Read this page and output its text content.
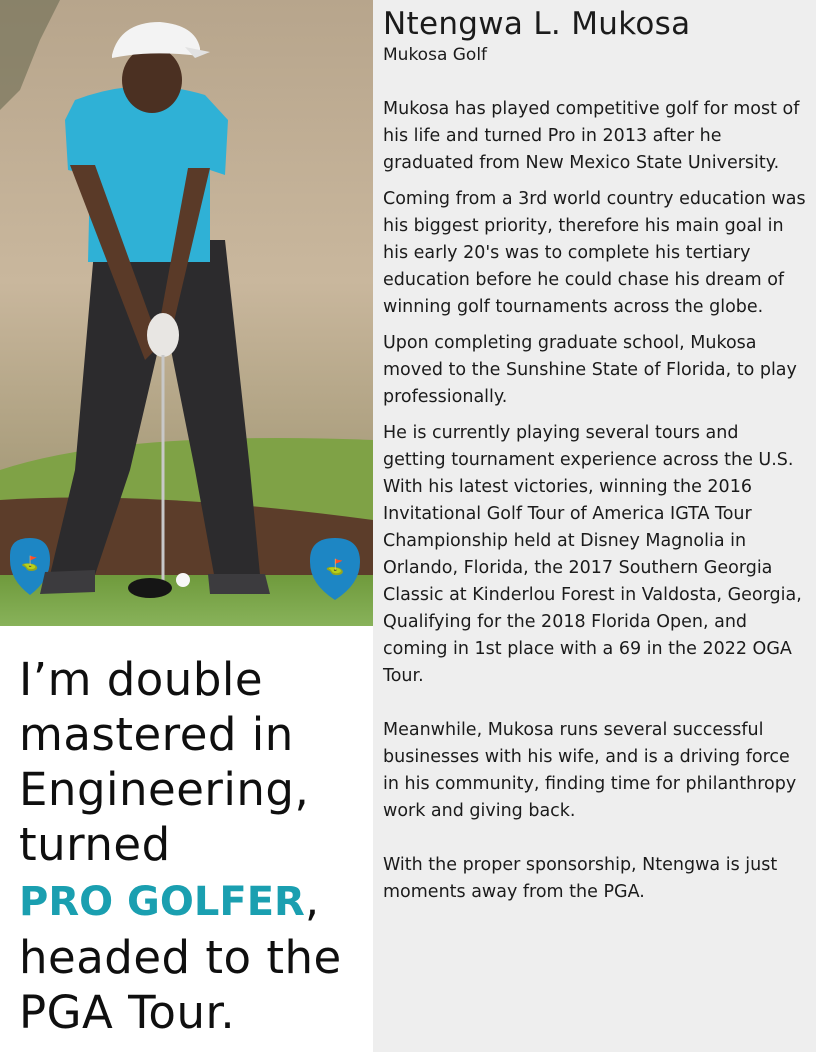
⛳	⛳
I’m double mastered in Engineering, turned
PRO GOLFER,
headed to the PGA Tour.
Ntengwa L. Mukosa

Mukosa Golf

Mukosa has played competitive golf for most of his life and turned Pro in 2013 after he graduated from New Mexico State University.

Coming from a 3rd world country education was his biggest priority, therefore his main goal in his early 20's was to complete his tertiary education before he could chase his dream of winning golf tournaments across the globe.

Upon completing graduate school, Mukosa moved to the Sunshine State of Florida, to play professionally.

He is currently playing several tours and getting tournament experience across the U.S. With his latest victories, winning the 2016 Invitational Golf Tour of America IGTA Tour Championship held at Disney Magnolia in Orlando, Florida, the 2017 Southern Georgia Classic at Kinderlou Forest in Valdosta, Georgia, Qualifying for the 2018 Florida Open, and coming in 1st place with a 69 in the 2022 OGA Tour.

Meanwhile, Mukosa runs several successful businesses with his wife, and is a driving force in his community, finding time for philanthropy work and giving back.

With the proper sponsorship, Ntengwa is just moments away from the PGA.
